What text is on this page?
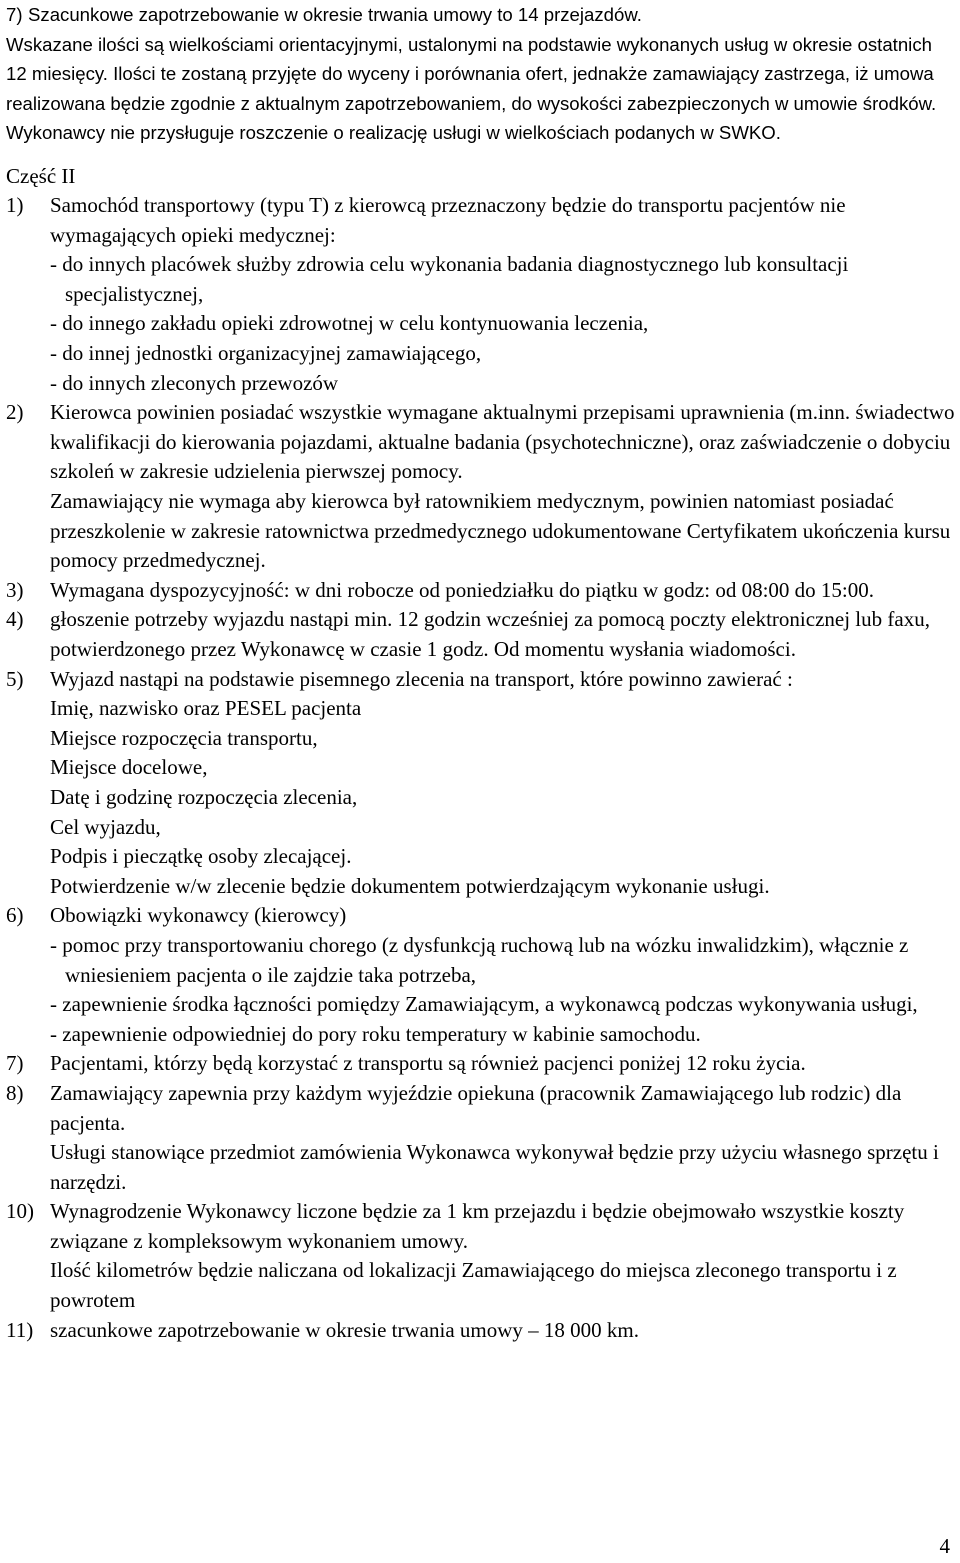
7) Szacunkowe zapotrzebowanie w okresie trwania umowy to 14 przejazdów.

Wskazane ilości są wielkościami orientacyjnymi, ustalonymi na podstawie wykonanych usług w okresie ostatnich 12 miesięcy. Ilości te zostaną przyjęte do wyceny i porównania ofert, jednakże zamawiający zastrzega, iż umowa realizowana będzie zgodnie z aktualnym zapotrzebowaniem, do wysokości zabezpieczonych w umowie środków. Wykonawcy nie przysługuje roszczenie o realizację usługi w wielkościach podanych w SWKO.

Część II
1)	Samochód transportowy (typu T) z kierowcą przeznaczony będzie do transportu pacjentów nie wymagających opieki medycznej:

- do innych placówek służby zdrowia celu wykonania badania diagnostycznego lub konsultacji specjalistycznej,

- do innego zakładu opieki zdrowotnej w celu kontynuowania leczenia,

- do innej jednostki organizacyjnej zamawiającego,

- do innych zleconych przewozów

2)	Kierowca powinien posiadać wszystkie wymagane aktualnymi przepisami uprawnienia (m.inn. świadectwo kwalifikacji do kierowania pojazdami, aktualne badania (psychotechniczne), oraz zaświadczenie o dobyciu szkoleń w zakresie udzielenia pierwszej pomocy.

Zamawiający nie wymaga aby kierowca był ratownikiem medycznym, powinien natomiast posiadać przeszkolenie w zakresie ratownictwa przedmedycznego udokumentowane Certyfikatem ukończenia kursu pomocy przedmedycznej.

3)	Wymagana dyspozycyjność: w dni robocze od poniedziałku do piątku w godz: od 08:00 do 15:00.

4)	głoszenie potrzeby wyjazdu nastąpi min. 12 godzin wcześniej za pomocą poczty elektronicznej lub faxu, potwierdzonego przez Wykonawcę w czasie 1 godz. Od momentu wysłania wiadomości.

5)	Wyjazd nastąpi na podstawie pisemnego zlecenia na transport, które powinno zawierać :

Imię, nazwisko oraz PESEL pacjenta

Miejsce rozpoczęcia transportu,

Miejsce docelowe,

Datę i godzinę rozpoczęcia zlecenia,

Cel wyjazdu,

Podpis i pieczątkę osoby zlecającej.

Potwierdzenie w/w zlecenie będzie dokumentem potwierdzającym wykonanie usługi.

6)	Obowiązki wykonawcy (kierowcy)

- pomoc przy transportowaniu chorego (z dysfunkcją ruchową lub na wózku inwalidzkim), włącznie z wniesieniem pacjenta o ile zajdzie taka potrzeba,

- zapewnienie środka łączności pomiędzy Zamawiającym, a wykonawcą podczas wykonywania usługi,

- zapewnienie odpowiedniej do pory roku temperatury w kabinie samochodu.

7)	Pacjentami, którzy będą korzystać z transportu są również pacjenci poniżej 12 roku życia.

8)	Zamawiający zapewnia przy każdym wyjeździe opiekuna (pracownik Zamawiającego lub rodzic) dla pacjenta.

Usługi stanowiące przedmiot zamówienia Wykonawca wykonywał będzie przy użyciu własnego sprzętu i narzędzi.

10) Wynagrodzenie Wykonawcy liczone będzie za 1 km przejazdu i będzie obejmowało wszystkie koszty związane z kompleksowym wykonaniem umowy.

Ilość kilometrów będzie naliczana od lokalizacji Zamawiającego do miejsca zleconego transportu i z powrotem

11) szacunkowe zapotrzebowanie w okresie trwania umowy – 18 000 km.

4
